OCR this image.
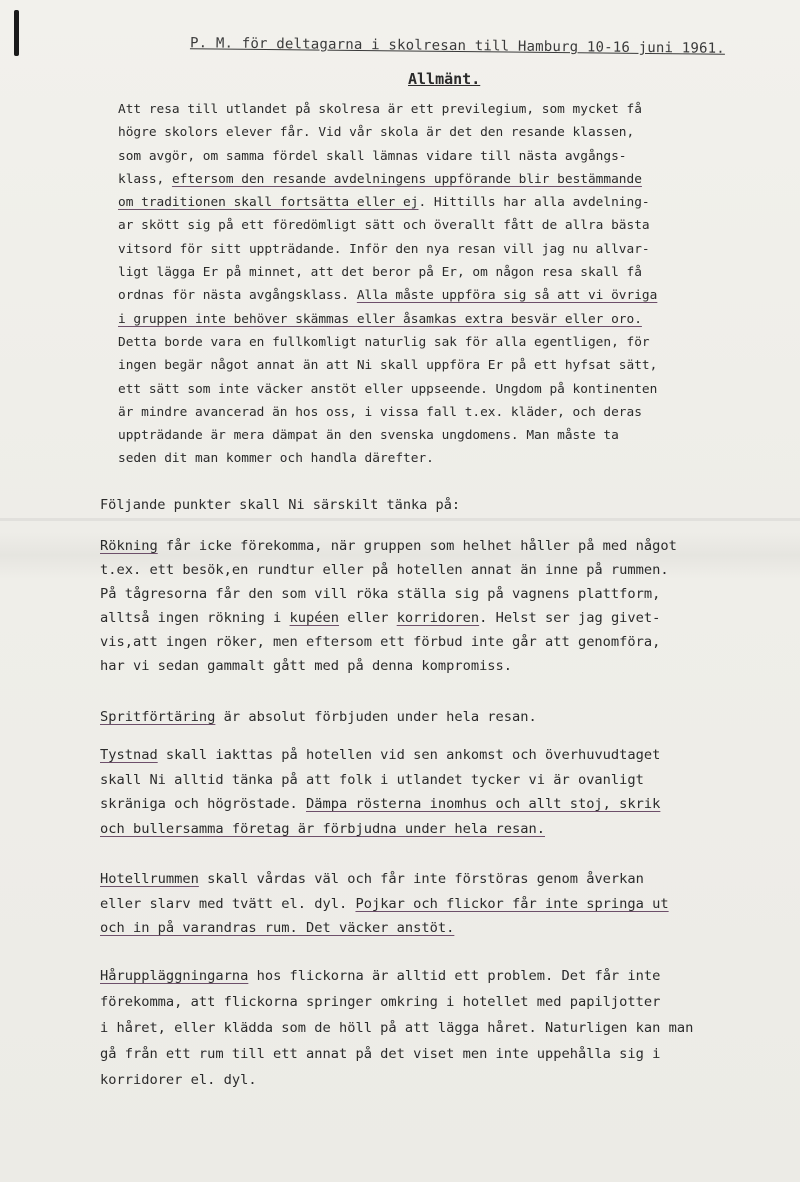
P. M. för deltagarna i skolresan till Hamburg 10-16 juni 1961.
Allmänt.
Att resa till utlandet på skolresa är ett previlegium, som mycket få
högre skolors elever får. Vid vår skola är det den resande klassen,
som avgör, om samma fördel skall lämnas vidare till nästa avgångs-
klass, eftersom den resande avdelningens uppförande blir bestämmande
om traditionen skall fortsätta eller ej. Hittills har alla avdelning-
ar skött sig på ett föredömligt sätt och överallt fått de allra bästa
vitsord för sitt uppträdande. Inför den nya resan vill jag nu allvar-
ligt lägga Er på minnet, att det beror på Er, om någon resa skall få
ordnas för nästa avgångsklass. Alla måste uppföra sig så att vi övriga
i gruppen inte behöver skämmas eller åsamkas extra besvär eller oro.
Detta borde vara en fullkomligt naturlig sak för alla egentligen, för
ingen begär något annat än att Ni skall uppföra Er på ett hyfsat sätt,
ett sätt som inte väcker anstöt eller uppseende. Ungdom på kontinenten
är mindre avancerad än hos oss, i vissa fall t.ex. kläder, och deras
uppträdande är mera dämpat än den svenska ungdomens. Man måste ta
seden dit man kommer och handla därefter.
Följande punkter skall Ni särskilt tänka på:
Rökning får icke förekomma, när gruppen som helhet håller på med något
t.ex. ett besök,en rundtur eller på hotellen annat än inne på rummen.
På tågresorna får den som vill röka ställa sig på vagnens plattform,
alltså ingen rökning i kupéen eller korridoren. Helst ser jag givet-
vis,att ingen röker, men eftersom ett förbud inte går att genomföra,
har vi sedan gammalt gått med på denna kompromiss.
Spritförtäring är absolut förbjuden under hela resan.
Tystnad skall iakttas på hotellen vid sen ankomst och överhuvudtaget
skall Ni alltid tänka på att folk i utlandet tycker vi är ovanligt
skräniga och högröstade. Dämpa rösterna inomhus och allt stoj, skrik
och bullersamma företag är förbjudna under hela resan.
Hotellrummen skall vårdas väl och får inte förstöras genom åverkan
eller slarv med tvätt el. dyl. Pojkar och flickor får inte springa ut
och in på varandras rum. Det väcker anstöt.
Håruppläggningarna hos flickorna är alltid ett problem. Det får inte
förekomma, att flickorna springer omkring i hotellet med papiljotter
i håret, eller klädda som de höll på att lägga håret. Naturligen kan man
gå från ett rum till ett annat på det viset men inte uppehålla sig i
korridorer el. dyl.
